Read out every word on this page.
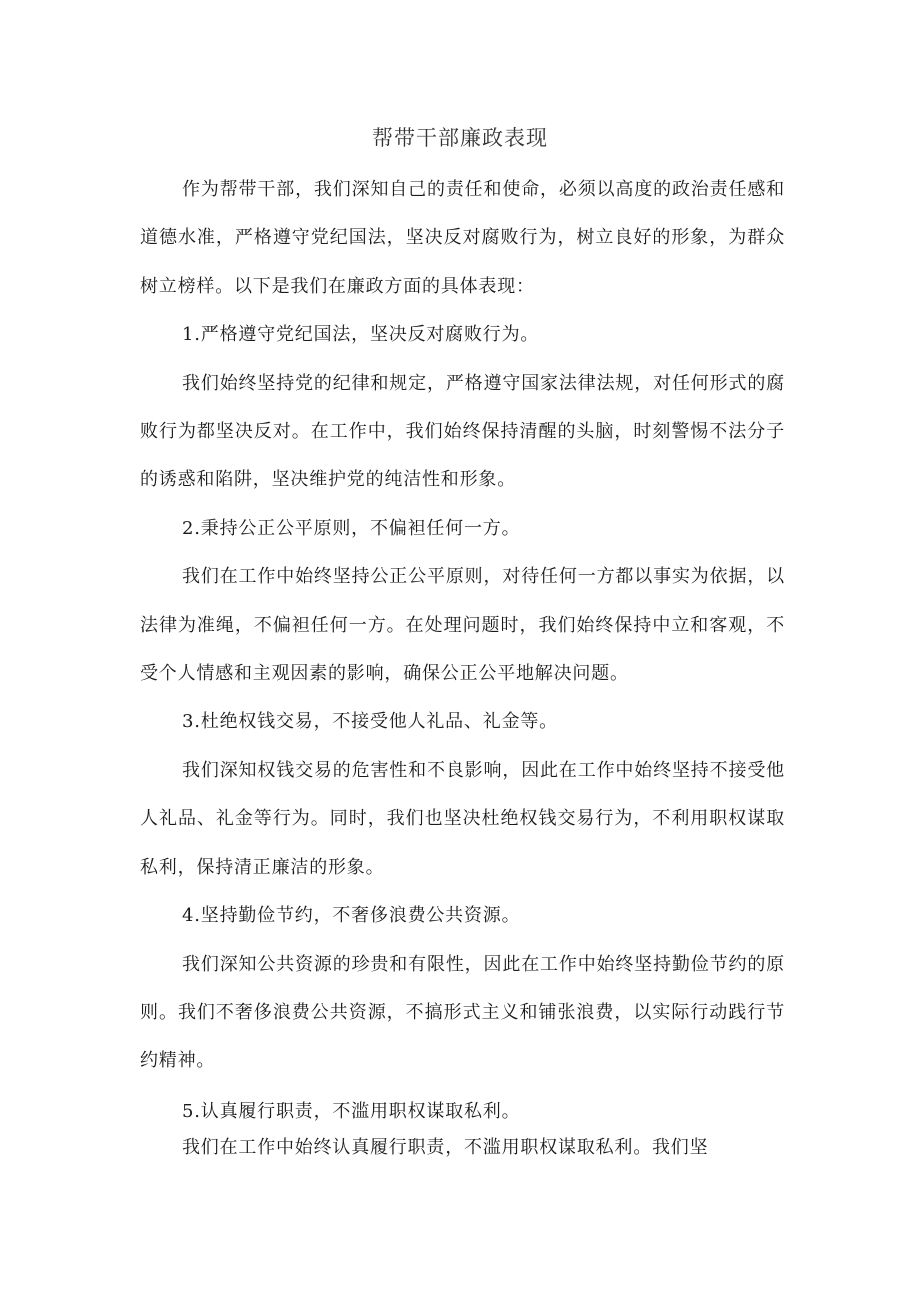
帮带干部廉政表现

作为帮带干部，我们深知自己的责任和使命，必须以高度的政治责任感和道德水准，严格遵守党纪国法，坚决反对腐败行为，树立良好的形象，为群众树立榜样。以下是我们在廉政方面的具体表现：

1.严格遵守党纪国法，坚决反对腐败行为。

我们始终坚持党的纪律和规定，严格遵守国家法律法规，对任何形式的腐败行为都坚决反对。在工作中，我们始终保持清醒的头脑，时刻警惕不法分子的诱惑和陷阱，坚决维护党的纯洁性和形象。

2.秉持公正公平原则，不偏袒任何一方。

我们在工作中始终坚持公正公平原则，对待任何一方都以事实为依据，以法律为准绳，不偏袒任何一方。在处理问题时，我们始终保持中立和客观，不受个人情感和主观因素的影响，确保公正公平地解决问题。

3.杜绝权钱交易，不接受他人礼品、礼金等。

我们深知权钱交易的危害性和不良影响，因此在工作中始终坚持不接受他人礼品、礼金等行为。同时，我们也坚决杜绝权钱交易行为，不利用职权谋取私利，保持清正廉洁的形象。

4.坚持勤俭节约，不奢侈浪费公共资源。

我们深知公共资源的珍贵和有限性，因此在工作中始终坚持勤俭节约的原则。我们不奢侈浪费公共资源，不搞形式主义和铺张浪费，以实际行动践行节约精神。

5.认真履行职责，不滥用职权谋取私利。

我们在工作中始终认真履行职责，不滥用职权谋取私利。我们坚
